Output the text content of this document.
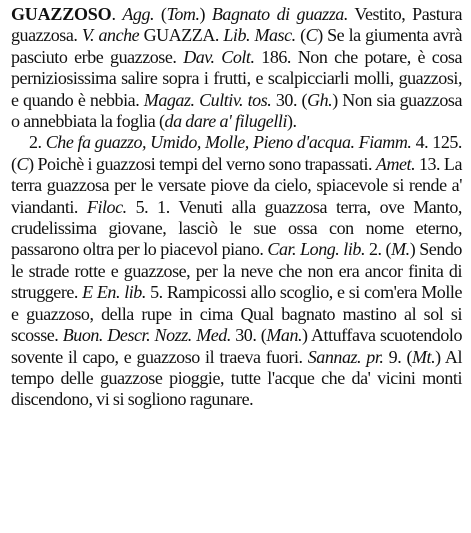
GUAZZOSO. Agg. (Tom.) Bagnato di guazza. Vestito, Pastura guazzosa. V. anche GUAZZA. Lib. Masc. (C) Se la giumenta avrà pasciuto erbe guazzose. Dav. Colt. 186. Non che potare, è cosa perniziosissima salire sopra i frutti, e scalpicciarli molli, guazzosi, e quando è nebbia. Magaz. Cultiv. tos. 30. (Gh.) Non sia guazzosa o annebbiata la foglia (da dare a' filugelli).

2. Che fa guazzo, Umido, Molle, Pieno d'acqua. Fiamm. 4. 125. (C) Poichè i guazzosi tempi del verno sono trapassati. Amet. 13. La terra guazzosa per le versate piove da cielo, spiacevole si rende a' viandanti. Filoc. 5. 1. Venuti alla guazzosa terra, ove Manto, crudelissima giovane, lasciò le sue ossa con nome eterno, passarono oltra per lo piacevol piano. Car. Long. lib. 2. (M.) Sendo le strade rotte e guazzose, per la neve che non era ancor finita di struggere. E En. lib. 5. Rampicossi allo scoglio, e si com'era Molle e guazzoso, della rupe in cima Qual bagnato mastino al sol si scosse. Buon. Descr. Nozz. Med. 30. (Man.) Attuffava scuotendolo sovente il capo, e guazzoso il traeva fuori. Sannaz. pr. 9. (Mt.) Al tempo delle guazzose pioggie, tutte l'acque che da' vicini monti discendono, vi si sogliono ragunare.
